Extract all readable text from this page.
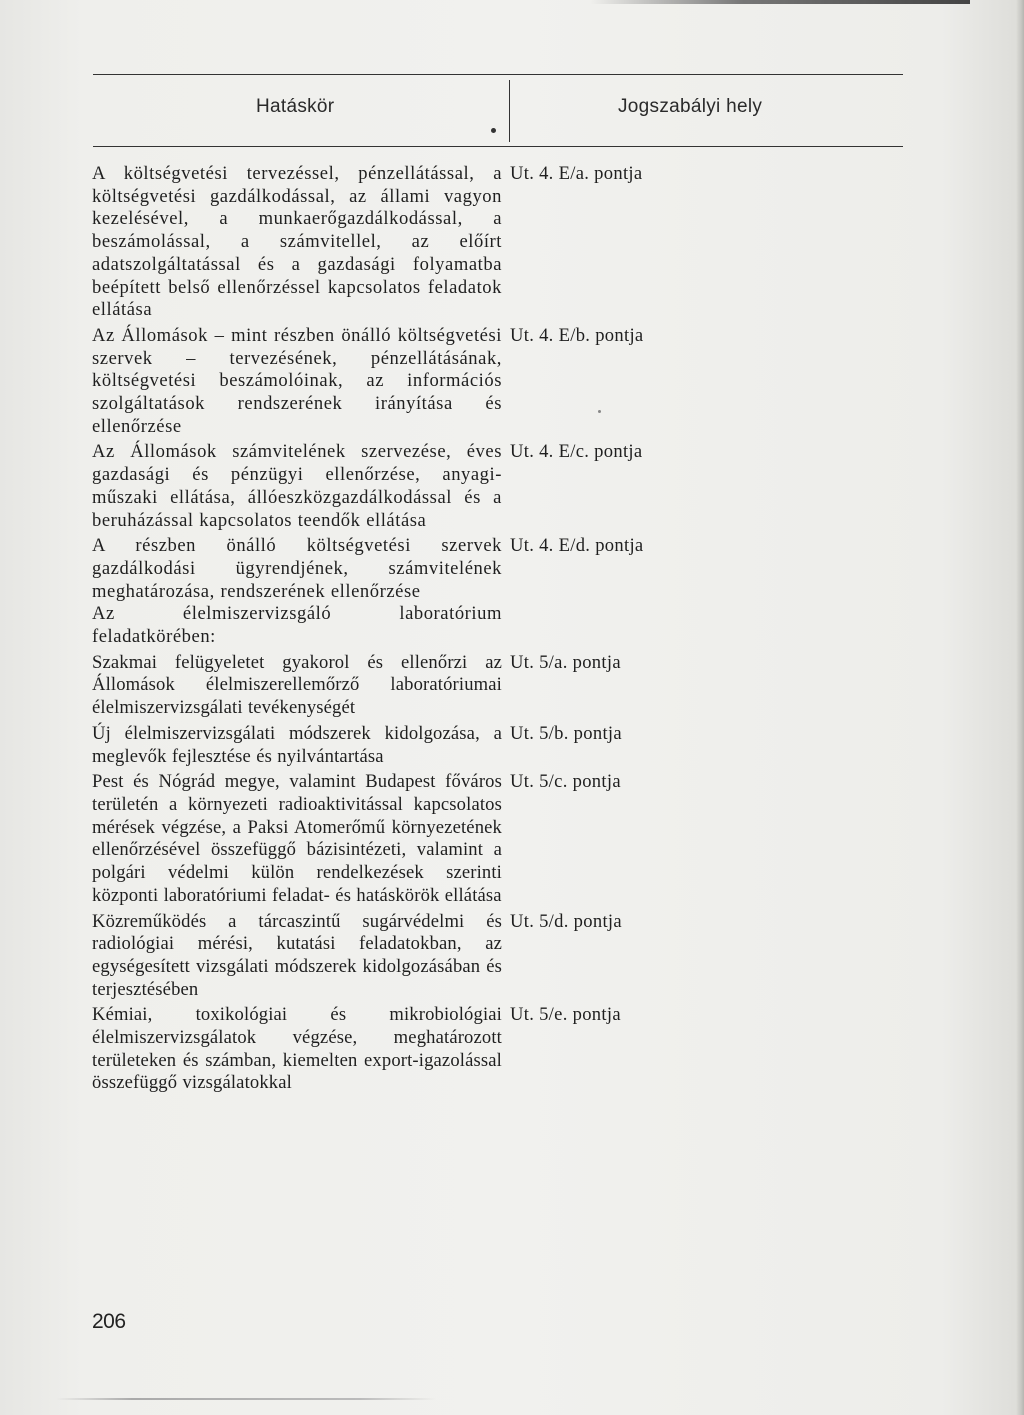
Hatáskör	Jogszabályi hely
A költségvetési tervezéssel, pénzellátással, a költségvetési gazdálkodással, az állami vagyon kezelésével, a munkaerőgazdálkodással, a beszámolással, a számvitellel, az előírt adatszolgáltatással és a gazdasági folyamatba beépített belső ellenőrzéssel kapcsolatos feladatok ellátása
Ut. 4. E/a. pontja
Az Állomások – mint részben önálló költségvetési szervek – tervezésének, pénzellátásának, költségvetési beszámolóinak, az információs szolgáltatások rendszerének irányítása és ellenőrzése
Ut. 4. E/b. pontja
Az Állomások számvitelének szervezése, éves gazdasági és pénzügyi ellenőrzése, anyagi-műszaki ellátása, állóeszközgazdálkodással és a beruházással kapcsolatos teendők ellátása
Ut. 4. E/c. pontja
A részben önálló költségvetési szervek gazdálkodási ügyrendjének, számvitelének meghatározása, rendszerének ellenőrzése
Ut. 4. E/d. pontja
Az élelmiszervizsgáló laboratórium feladatkörében:
Szakmai felügyeletet gyakorol és ellenőrzi az Állomások élelmiszerellemőrző laboratóriumai élelmiszervizsgálati tevékenységét
Ut. 5/a. pontja
Új élelmiszervizsgálati módszerek kidolgozása, a meglevők fejlesztése és nyilvántartása
Ut. 5/b. pontja
Pest és Nógrád megye, valamint Budapest főváros területén a környezeti radioaktivitással kapcsolatos mérések végzése, a Paksi Atomerőmű környezetének ellenőrzésével összefüggő bázisintézeti, valamint a polgári védelmi külön rendelkezések szerinti központi laboratóriumi feladat- és hatáskörök ellátása
Ut. 5/c. pontja
Közreműködés a tárcaszintű sugárvédelmi és radiológiai mérési, kutatási feladatokban, az egységesített vizsgálati módszerek kidolgozásában és terjesztésében
Ut. 5/d. pontja
Kémiai, toxikológiai és mikrobiológiai élelmiszervizsgálatok végzése, meghatározott területeken és számban, kiemelten export-igazolással összefüggő vizsgálatokkal
Ut. 5/e. pontja
206
